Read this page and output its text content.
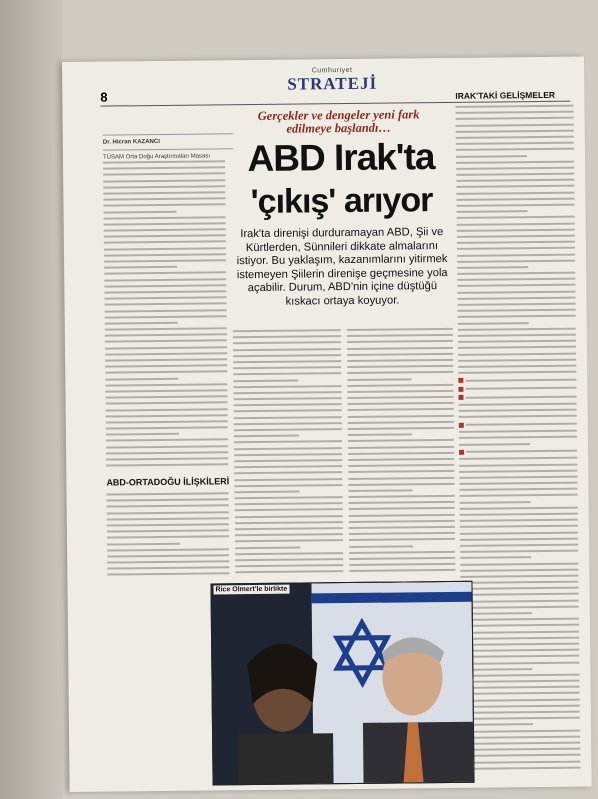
Cumhuriyet
STRATEJİ
8
Dr. Hicran KAZANCI
TÜSAM Orta Doğu Araştırmaları Masası
Gerçekler ve dengeler yeni fark edilmeye başlandı…
ABD Irak'ta
'çıkış' arıyor
Irak'ta direnişi durduramayan ABD, Şii ve Kürtlerden, Sünnileri dikkate almalarını istiyor. Bu yaklaşım, kazanımlarını yitirmek istemeyen Şiilerin direnişe geçmesine yola açabilir. Durum, ABD'nin içine düştüğü kıskacı ortaya koyuyor.
ABD-ORTADOĞU İLİŞKİLERİ
IRAK'TAKİ GELİŞMELER
Rice Olmert'le birlikte
